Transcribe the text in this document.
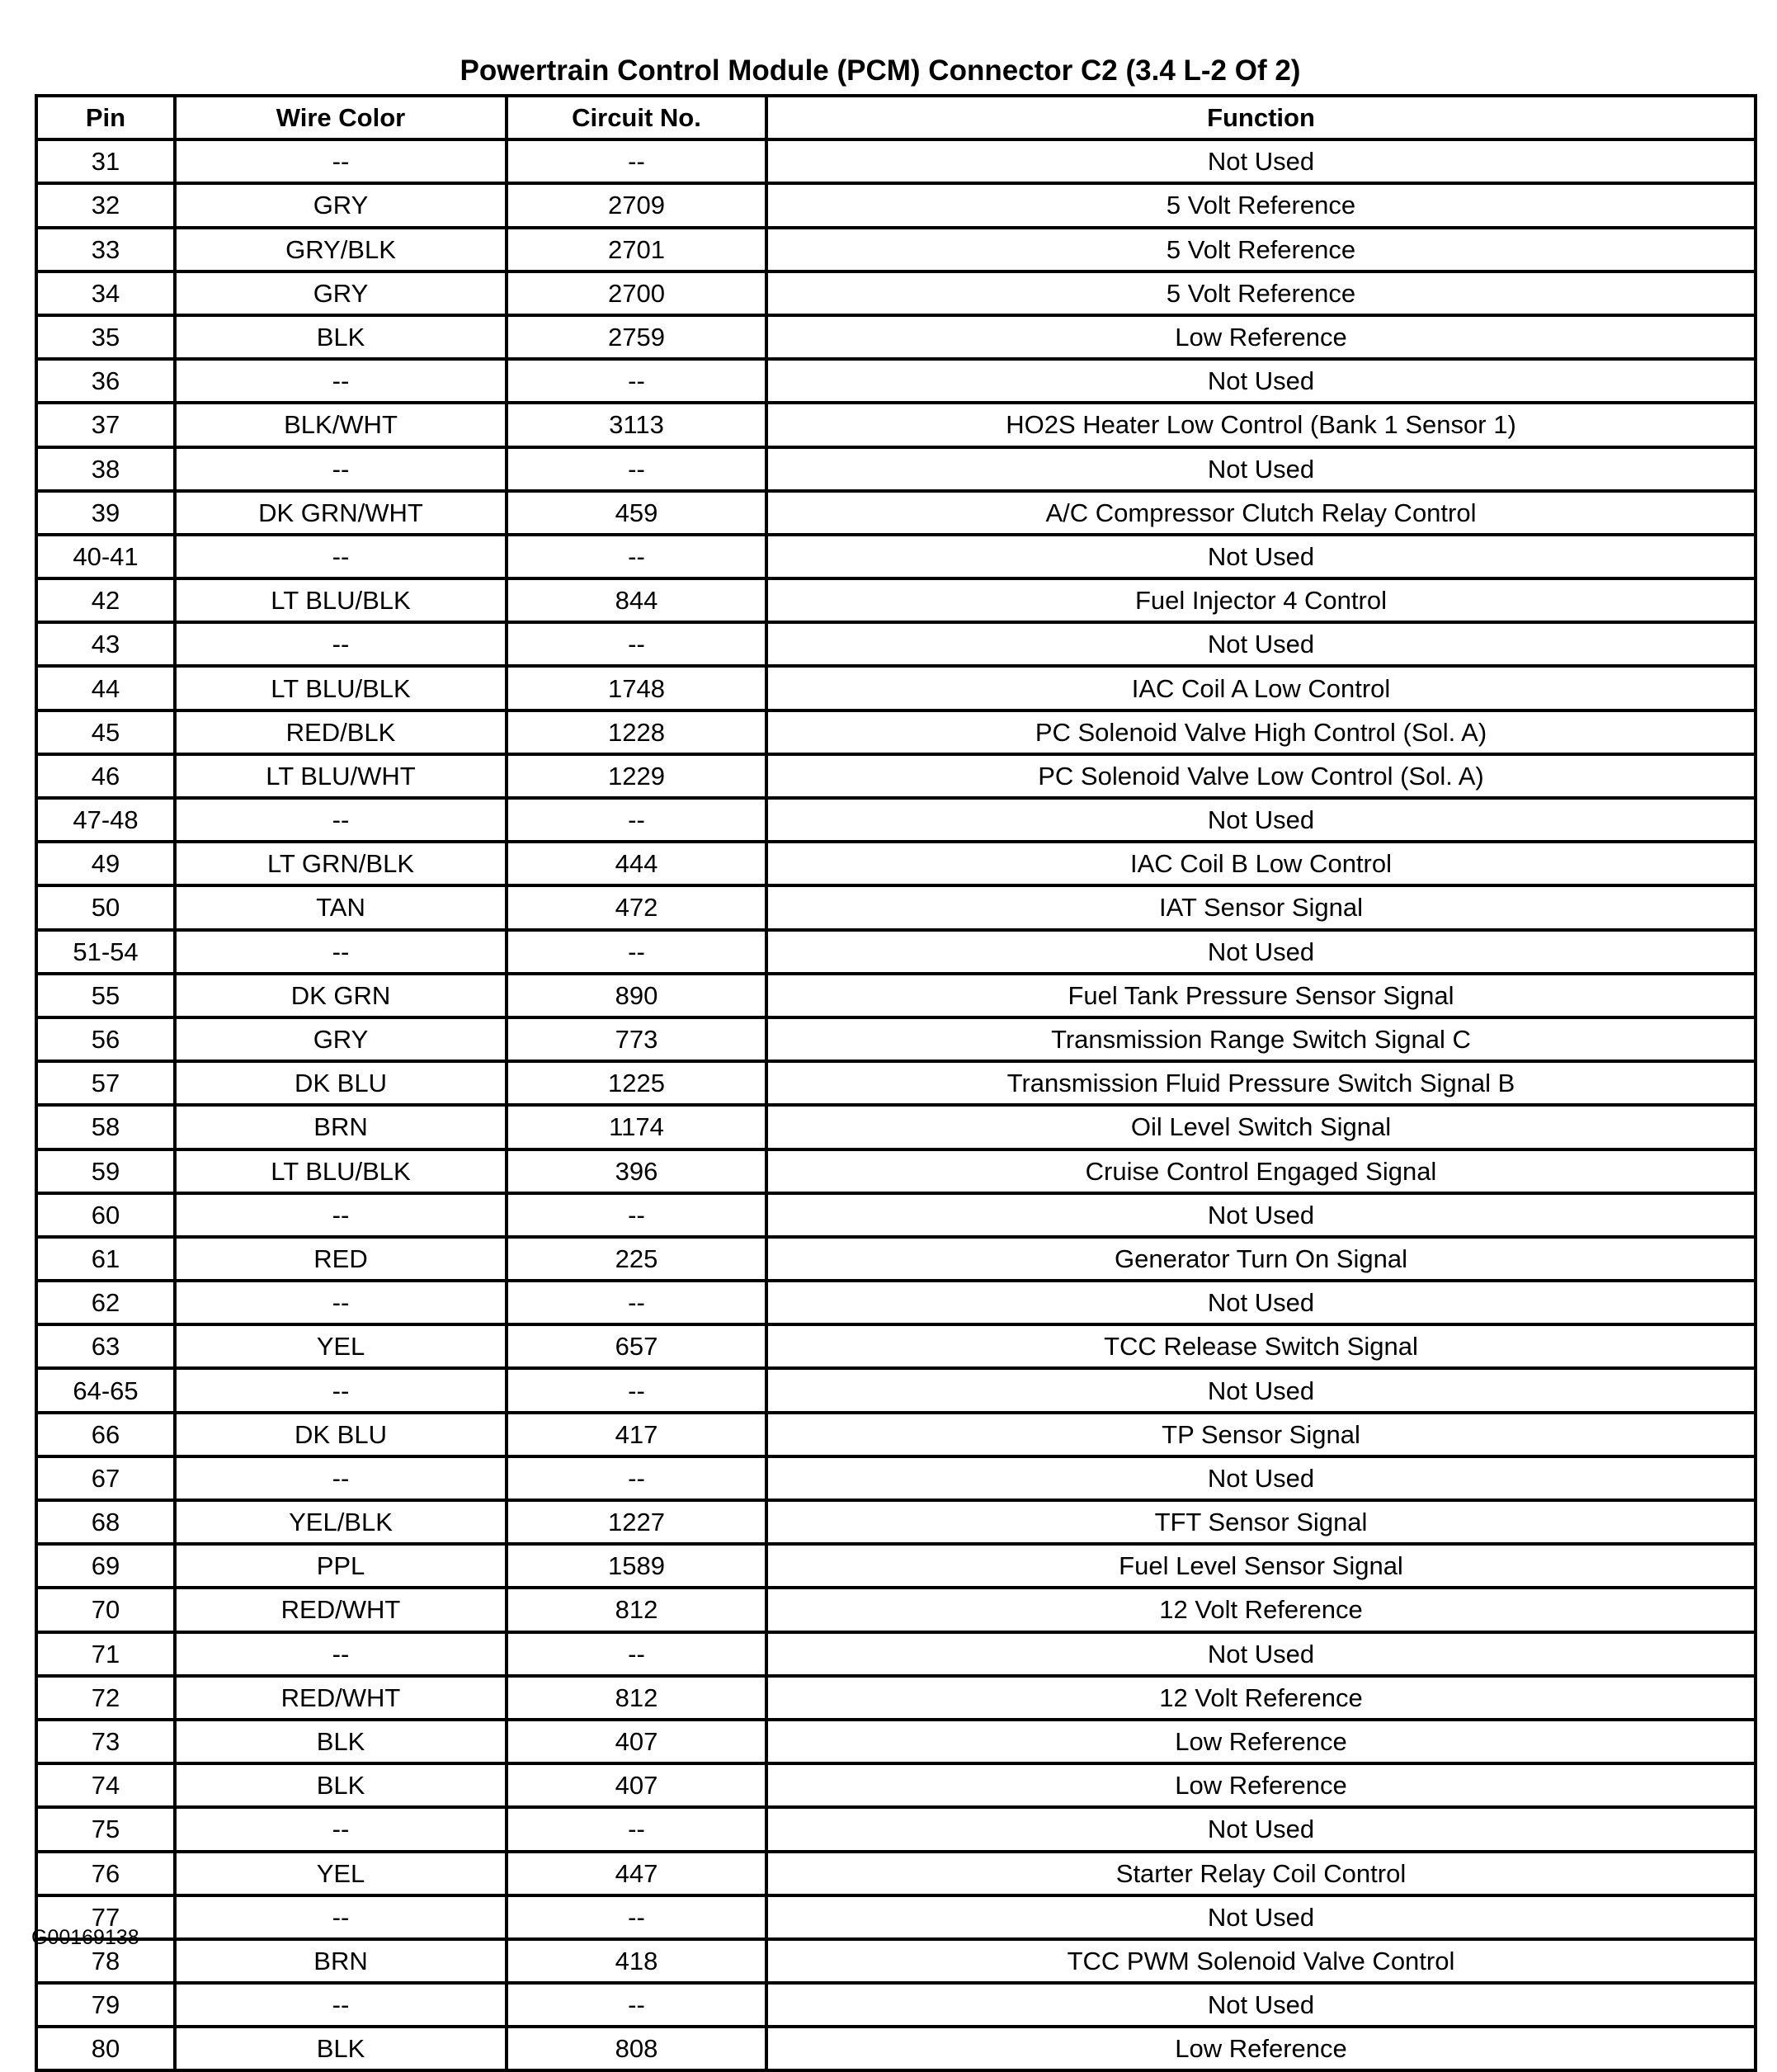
Powertrain Control Module (PCM) Connector C2 (3.4 L-2 Of 2)
Pin	Wire Color	Circuit No.	Function
31	--	--	Not Used
32	GRY	2709	5 Volt Reference
33	GRY/BLK	2701	5 Volt Reference
34	GRY	2700	5 Volt Reference
35	BLK	2759	Low Reference
36	--	--	Not Used
37	BLK/WHT	3113	HO2S Heater Low Control (Bank 1 Sensor 1)
38	--	--	Not Used
39	DK GRN/WHT	459	A/C Compressor Clutch Relay Control
40-41	--	--	Not Used
42	LT BLU/BLK	844	Fuel Injector 4 Control
43	--	--	Not Used
44	LT BLU/BLK	1748	IAC Coil A Low Control
45	RED/BLK	1228	PC Solenoid Valve High Control (Sol. A)
46	LT BLU/WHT	1229	PC Solenoid Valve Low Control (Sol. A)
47-48	--	--	Not Used
49	LT GRN/BLK	444	IAC Coil B Low Control
50	TAN	472	IAT Sensor Signal
51-54	--	--	Not Used
55	DK GRN	890	Fuel Tank Pressure Sensor Signal
56	GRY	773	Transmission Range Switch Signal C
57	DK BLU	1225	Transmission Fluid Pressure Switch Signal B
58	BRN	1174	Oil Level Switch Signal
59	LT BLU/BLK	396	Cruise Control Engaged Signal
60	--	--	Not Used
61	RED	225	Generator Turn On Signal
62	--	--	Not Used
63	YEL	657	TCC Release Switch Signal
64-65	--	--	Not Used
66	DK BLU	417	TP Sensor Signal
67	--	--	Not Used
68	YEL/BLK	1227	TFT Sensor Signal
69	PPL	1589	Fuel Level Sensor Signal
70	RED/WHT	812	12 Volt Reference
71	--	--	Not Used
72	RED/WHT	812	12 Volt Reference
73	BLK	407	Low Reference
74	BLK	407	Low Reference
75	--	--	Not Used
76	YEL	447	Starter Relay Coil Control
77	--	--	Not Used
78	BRN	418	TCC PWM Solenoid Valve Control
79	--	--	Not Used
80	BLK	808	Low Reference
G00169138
